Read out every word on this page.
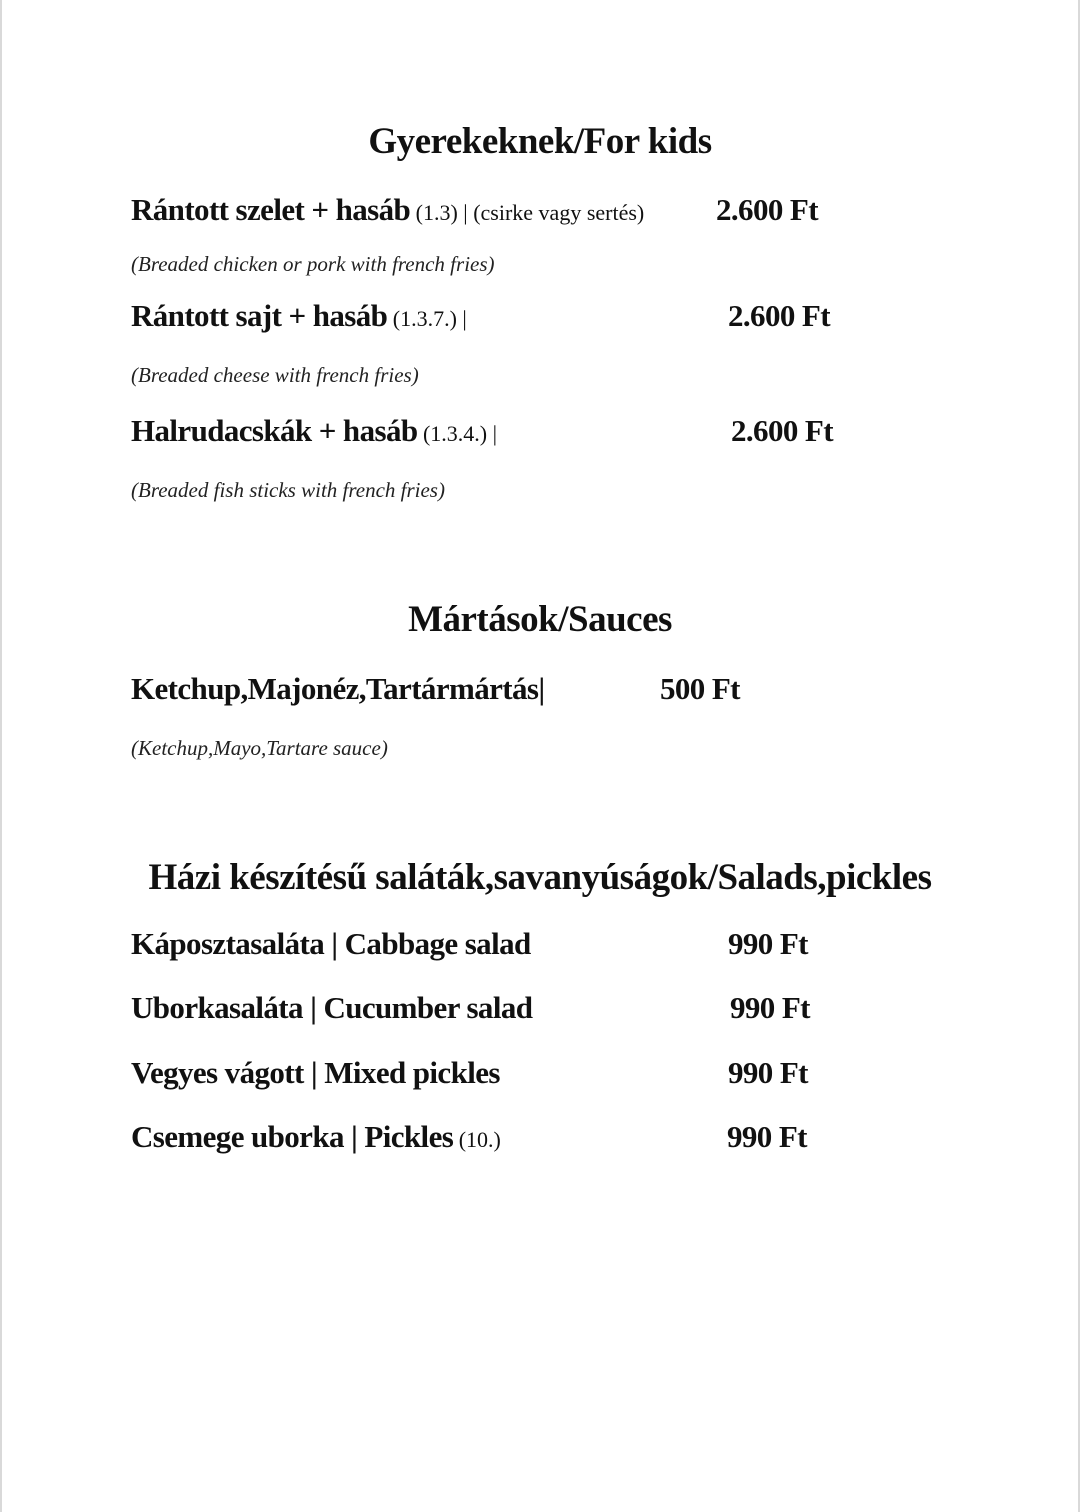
Gyerekeknek/For kids
Rántott szelet + hasáb (1.3) | (csirke vagy sertés) 2.600 Ft
(Breaded chicken or pork with french fries)
Rántott sajt + hasáb (1.3.7.) |	2.600 Ft
(Breaded cheese with french fries)
Halrudacskák + hasáb (1.3.4.) |	2.600 Ft
(Breaded fish sticks with french fries)
Mártások/Sauces
Ketchup,Majonéz,Tartármártás|	500 Ft
(Ketchup,Mayo,Tartare sauce)
Házi készítésű saláták,savanyúságok/Salads,pickles
Káposztasaláta | Cabbage salad	990 Ft
Uborkasaláta | Cucumber salad	990 Ft
Vegyes vágott | Mixed pickles	990 Ft
Csemege uborka | Pickles (10.)	990 Ft
